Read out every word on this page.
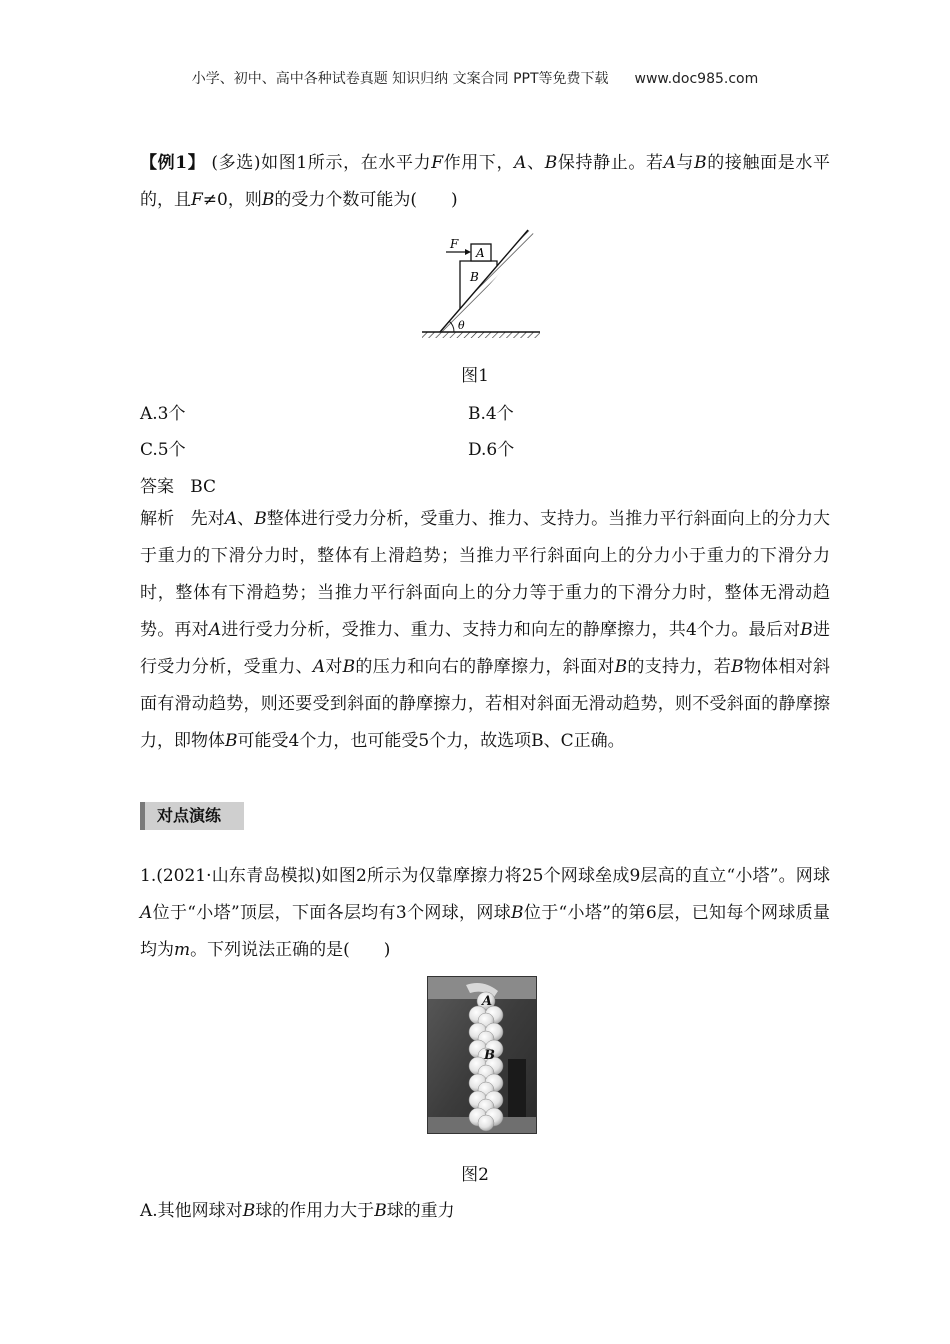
小学、初中、高中各种试卷真题 知识归纳 文案合同 PPT等免费下载 www.doc985.com

【例1】 (多选)如图1所示，在水平力F作用下，A、B保持静止。若A与B的接触面是水平的，且F≠0，则B的受力个数可能为(　　)

F
A
B
θ
图1
A.3个	B.4个
C.5个	D.6个
答案 BC

解析 先对A、B整体进行受力分析，受重力、推力、支持力。当推力平行斜面向上的分力大于重力的下滑分力时，整体有上滑趋势；当推力平行斜面向上的分力小于重力的下滑分力时，整体有下滑趋势；当推力平行斜面向上的分力等于重力的下滑分力时，整体无滑动趋势。再对A进行受力分析，受推力、重力、支持力和向左的静摩擦力，共4个力。最后对B进行受力分析，受重力、A对B的压力和向右的静摩擦力，斜面对B的支持力，若B物体相对斜面有滑动趋势，则还要受到斜面的静摩擦力，若相对斜面无滑动趋势，则不受斜面的静摩擦力，即物体B可能受4个力，也可能受5个力，故选项B、C正确。

对点演练

1.(2021·山东青岛模拟)如图2所示为仅靠摩擦力将25个网球垒成9层高的直立“小塔”。网球A位于“小塔”顶层，下面各层均有3个网球，网球B位于“小塔”的第6层，已知每个网球质量均为m。下列说法正确的是(　　)

A
B
图2
A.其他网球对B球的作用力大于B球的重力
